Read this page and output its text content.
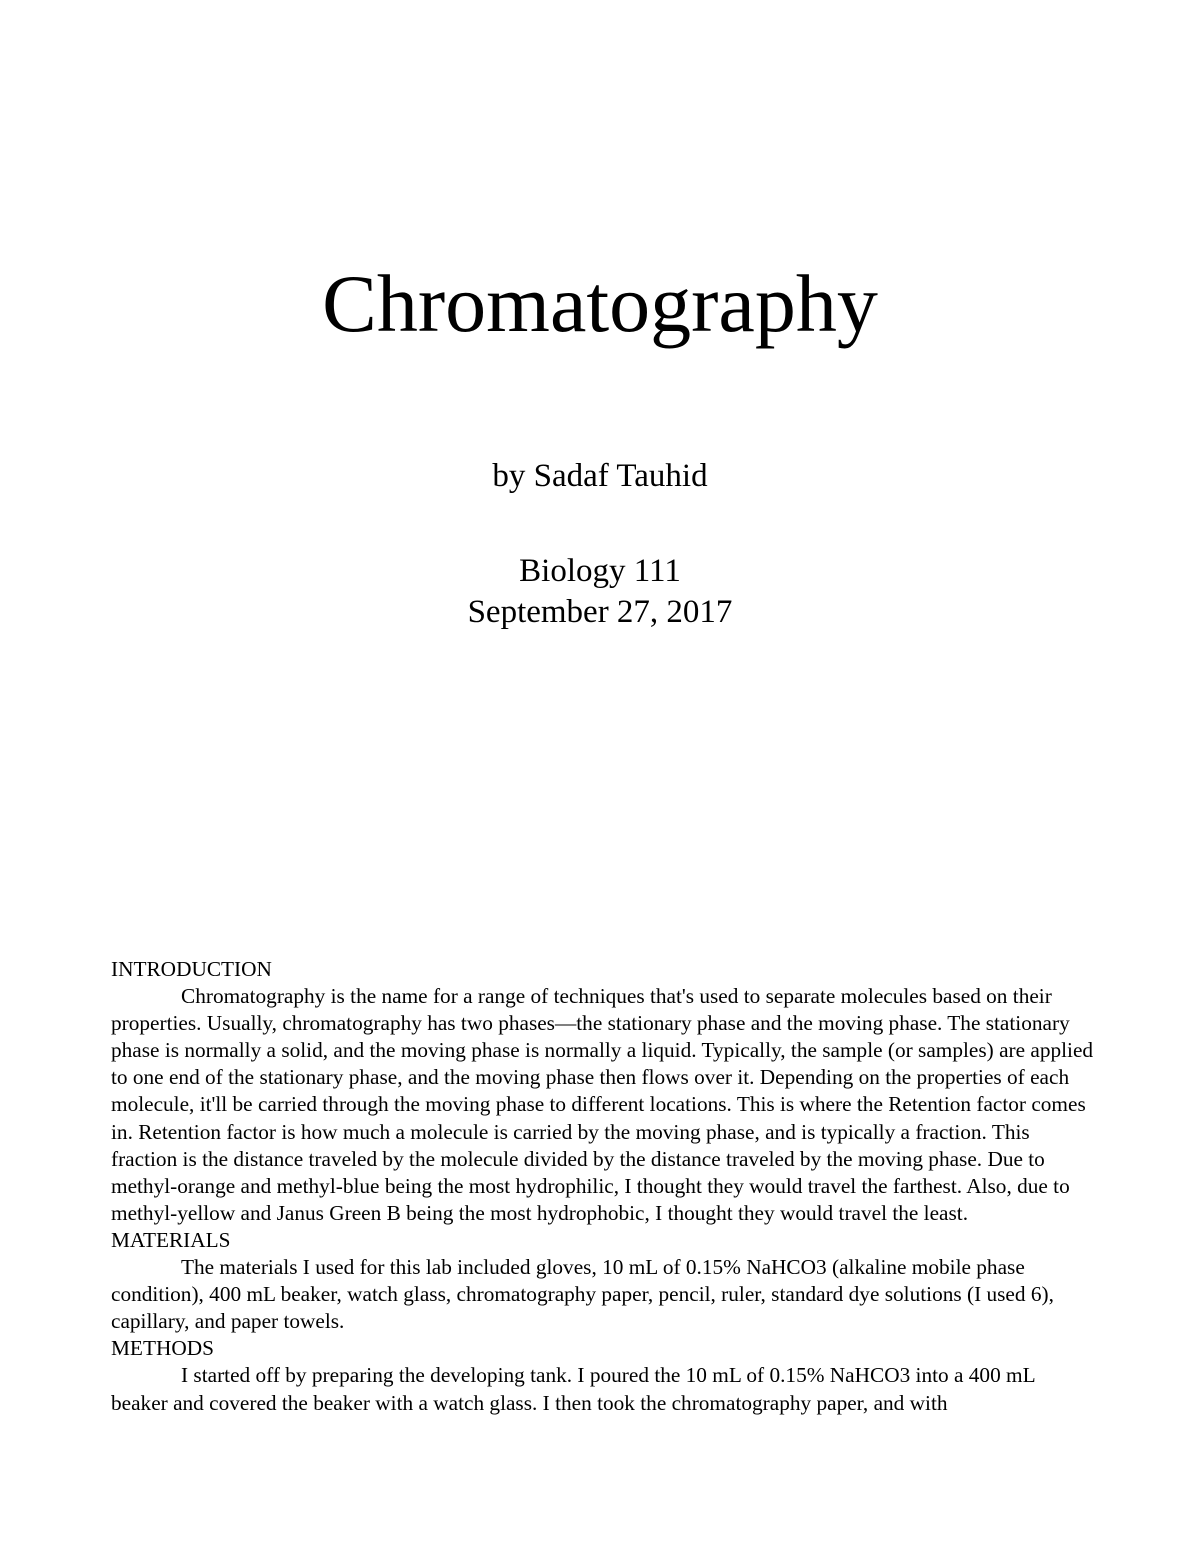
Chromatography
by Sadaf Tauhid
Biology 111
September 27, 2017
INTRODUCTION

Chromatography is the name for a range of techniques that's used to separate molecules based on their properties. Usually, chromatography has two phases—the stationary phase and the moving phase. The stationary phase is normally a solid, and the moving phase is normally a liquid. Typically, the sample (or samples) are applied to one end of the stationary phase, and the moving phase then flows over it. Depending on the properties of each molecule, it'll be carried through the moving phase to different locations. This is where the Retention factor comes in. Retention factor is how much a molecule is carried by the moving phase, and is typically a fraction. This fraction is the distance traveled by the molecule divided by the distance traveled by the moving phase. Due to methyl-orange and methyl-blue being the most hydrophilic, I thought they would travel the farthest. Also, due to methyl-yellow and Janus Green B being the most hydrophobic, I thought they would travel the least.

MATERIALS

The materials I used for this lab included gloves, 10 mL of 0.15% NaHCO3 (alkaline mobile phase condition), 400 mL beaker, watch glass, chromatography paper, pencil, ruler, standard dye solutions (I used 6), capillary, and paper towels.

METHODS

I started off by preparing the developing tank. I poured the 10 mL of 0.15% NaHCO3 into a 400 mL beaker and covered the beaker with a watch glass. I then took the chromatography paper, and with
